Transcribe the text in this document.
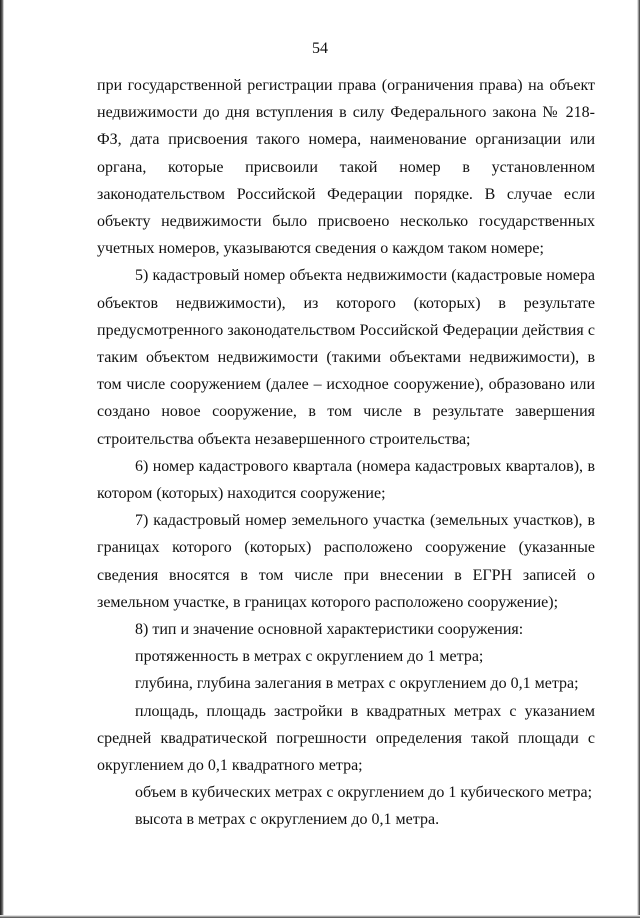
54

при государственной регистрации права (ограничения права) на объект недвижимости до дня вступления в силу Федерального закона № 218-ФЗ, дата присвоения такого номера, наименование организации или органа, которые присвоили такой номер в установленном законодательством Российской Федерации порядке. В случае если объекту недвижимости было присвоено несколько государственных учетных номеров, указываются сведения о каждом таком номере;

5) кадастровый номер объекта недвижимости (кадастровые номера объектов недвижимости), из которого (которых) в результате предусмотренного законодательством Российской Федерации действия с таким объектом недвижимости (такими объектами недвижимости), в том числе сооружением (далее – исходное сооружение), образовано или создано новое сооружение, в том числе в результате завершения строительства объекта незавершенного строительства;

6) номер кадастрового квартала (номера кадастровых кварталов), в котором (которых) находится сооружение;

7) кадастровый номер земельного участка (земельных участков), в границах которого (которых) расположено сооружение (указанные сведения вносятся в том числе при внесении в ЕГРН записей о земельном участке, в границах которого расположено сооружение);

8) тип и значение основной характеристики сооружения:

протяженность в метрах с округлением до 1 метра;

глубина, глубина залегания в метрах с округлением до 0,1 метра;

площадь, площадь застройки в квадратных метрах с указанием средней квадратической погрешности определения такой площади с округлением до 0,1 квадратного метра;

объем в кубических метрах с округлением до 1 кубического метра;

высота в метрах с округлением до 0,1 метра.
